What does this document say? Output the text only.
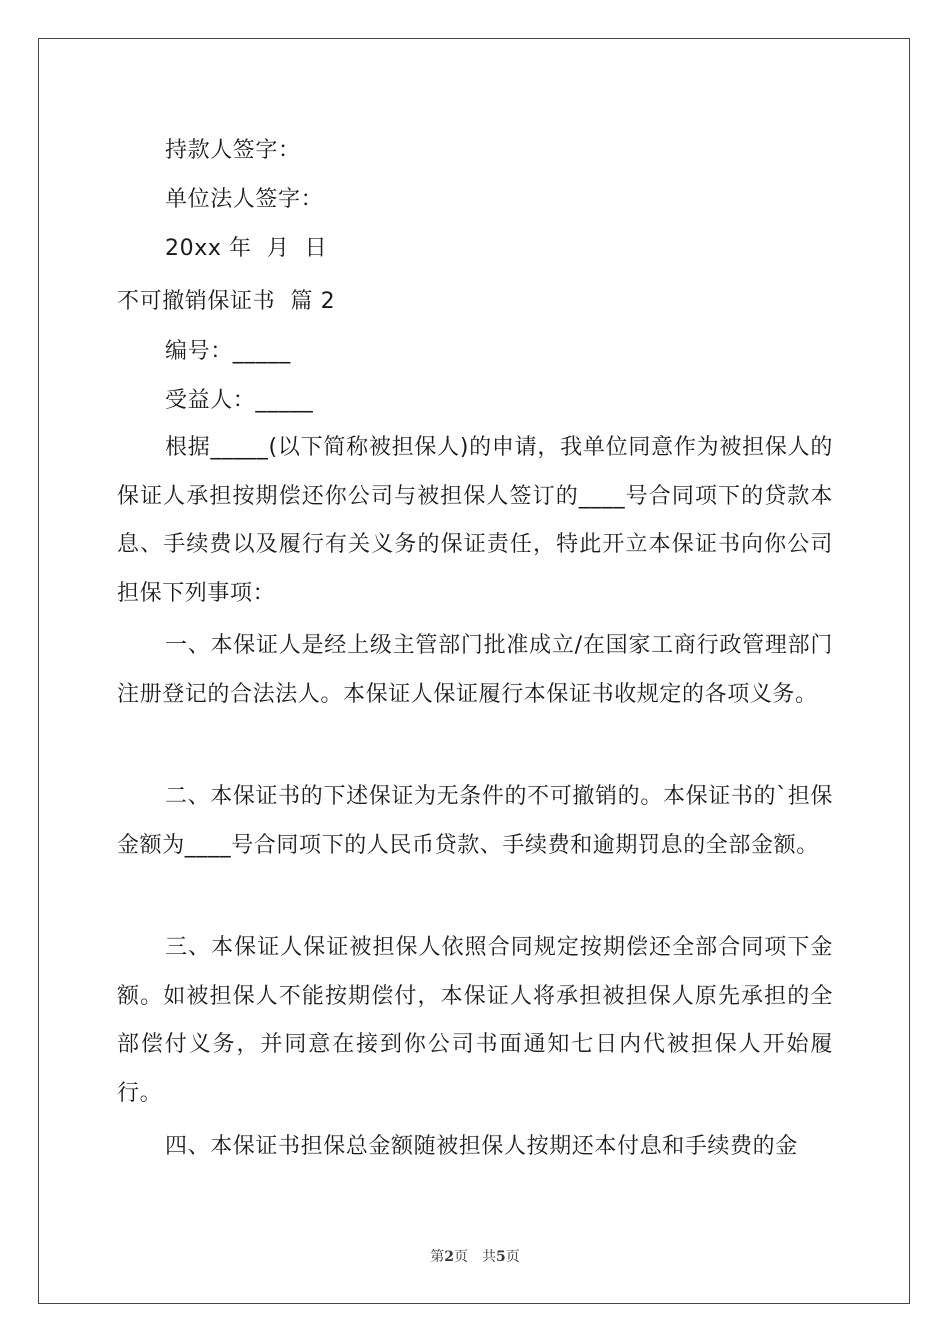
持款人签字：
单位法人签字：
20xx 年  月  日
不可撤销保证书  篇 2
编号：_____
受益人：_____
根据_____(以下简称被担保人)的申请，我单位同意作为被担保人的保证人承担按期偿还你公司与被担保人签订的____号合同项下的贷款本息、手续费以及履行有关义务的保证责任，特此开立本保证书向你公司担保下列事项：
一、本保证人是经上级主管部门批准成立/在国家工商行政管理部门注册登记的合法法人。本保证人保证履行本保证书收规定的各项义务。
二、本保证书的下述保证为无条件的不可撤销的。本保证书的`担保金额为____号合同项下的人民币贷款、手续费和逾期罚息的全部金额。
三、本保证人保证被担保人依照合同规定按期偿还全部合同项下金额。如被担保人不能按期偿付，本保证人将承担被担保人原先承担的全部偿付义务，并同意在接到你公司书面通知七日内代被担保人开始履行。
四、本保证书担保总金额随被担保人按期还本付息和手续费的金
第2页　共5页
